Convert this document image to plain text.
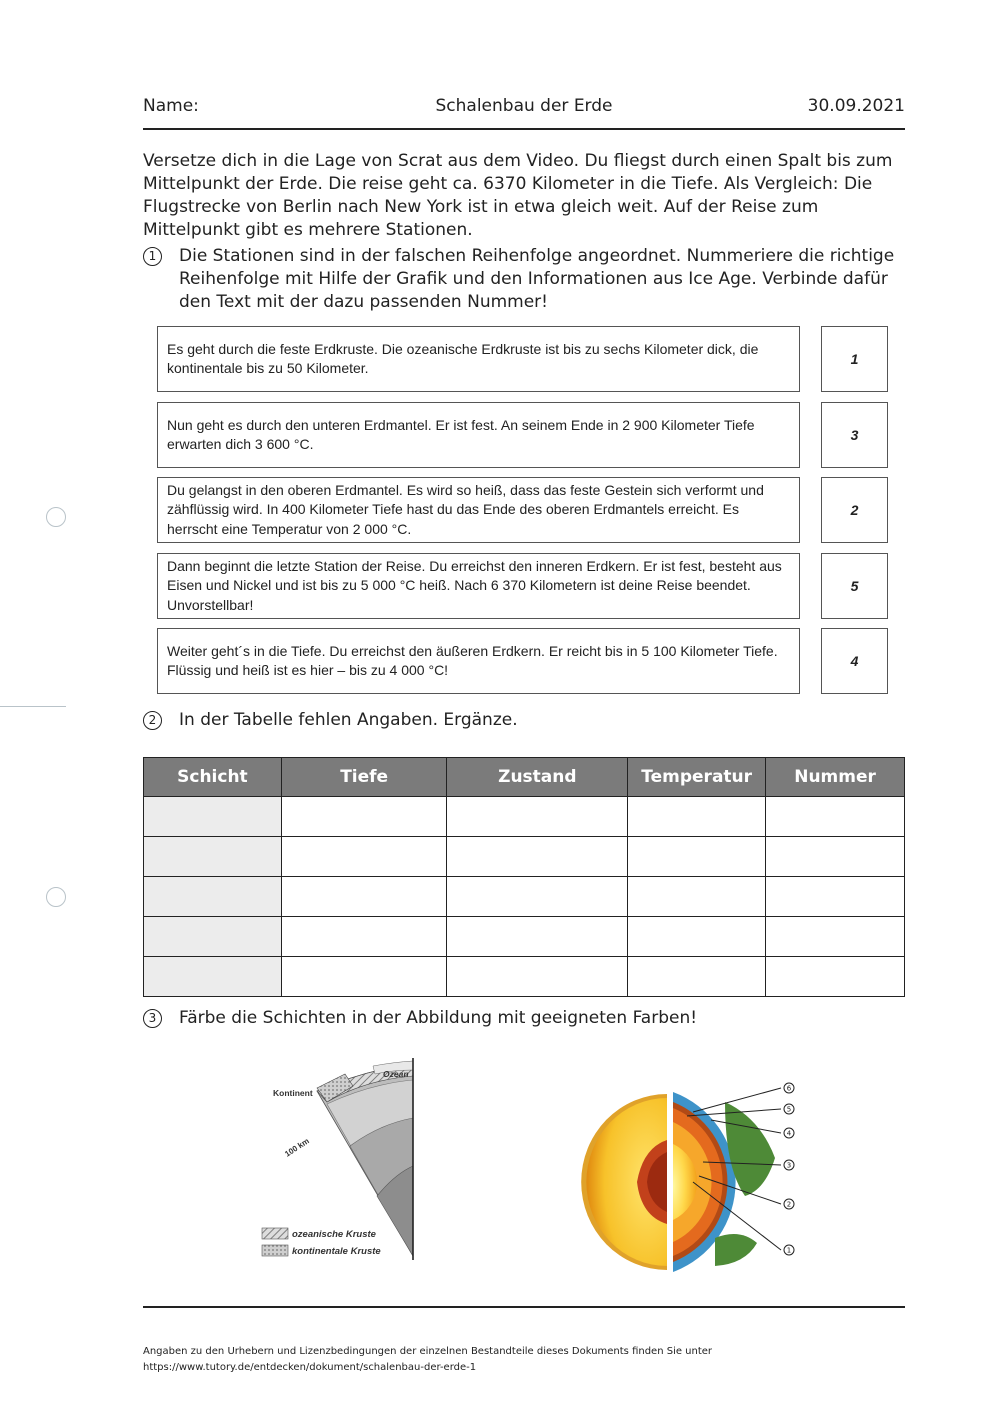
Name:	Schalenbau der Erde	30.09.2021
Versetze dich in die Lage von Scrat aus dem Video. Du fliegst durch einen Spalt bis zum Mittelpunkt der Erde. Die reise geht ca. 6370 Kilometer in die Tiefe. Als Vergleich: Die Flugstrecke von Berlin nach New York ist in etwa gleich weit. Auf der Reise zum Mittelpunkt gibt es mehrere Stationen.
1	Die Stationen sind in der falschen Reihenfolge angeordnet. Nummeriere die richtige Reihenfolge mit Hilfe der Grafik und den Informationen aus Ice Age. Verbinde dafür den Text mit der dazu passenden Nummer!
Es geht durch die feste Erdkruste. Die ozeanische Erdkruste ist bis zu sechs Kilometer dick, die kontinentale bis zu 50 Kilometer.
1
Nun geht es durch den unteren Erdmantel. Er ist fest. An seinem Ende in 2 900 Kilometer Tiefe erwarten dich 3 600 °C.
3
Du gelangst in den oberen Erdmantel. Es wird so heiß, dass das feste Gestein sich verformt und zähflüssig wird. In 400 Kilometer Tiefe hast du das Ende des oberen Erdmantels erreicht. Es herrscht eine Temperatur von 2 000 °C.
2
Dann beginnt die letzte Station der Reise. Du erreichst den inneren Erdkern. Er ist fest, besteht aus Eisen und Nickel und ist bis zu 5 000 °C heiß. Nach 6 370 Kilometern ist deine Reise beendet. Unvorstellbar!
5
Weiter geht´s in die Tiefe. Du erreichst den äußeren Erdkern. Er reicht bis in 5 100 Kilometer Tiefe. Flüssig und heiß ist es hier – bis zu 4 000 °C!
4
2	In der Tabelle fehlen Angaben. Ergänze.
Schicht	Tiefe	Zustand	Temperatur	Nummer

3	Färbe die Schichten in der Abbildung mit geeigneten Farben!
Kontinent
Ozean
100 km
ozeanische Kruste
kontinentale Kruste
6
5
4
3
2
1
Angaben zu den Urhebern und Lizenzbedingungen der einzelnen Bestandteile dieses Dokuments finden Sie unter
https://www.tutory.de/entdecken/dokument/schalenbau-der-erde-1
